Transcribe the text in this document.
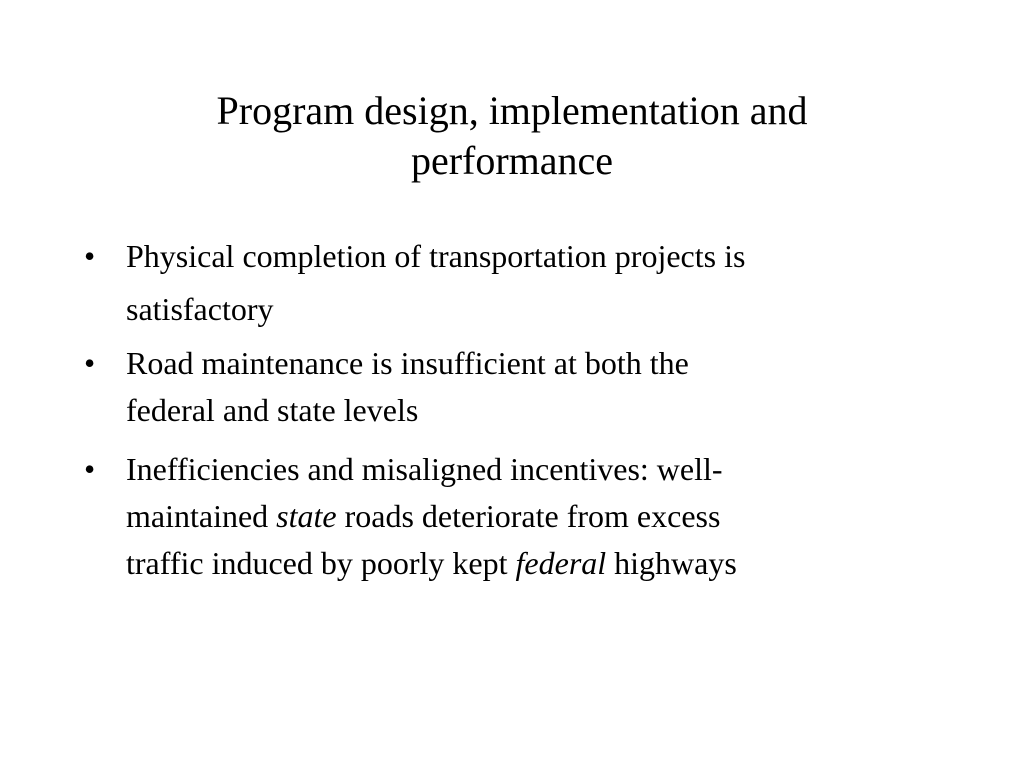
Program design, implementation and
performance
• Physical completion of transportation projects is
satisfactory
• Road maintenance is insufficient at both the
federal and state levels
• Inefficiencies and misaligned incentives: well-
maintained state roads deteriorate from excess
traffic induced by poorly kept federal highways
